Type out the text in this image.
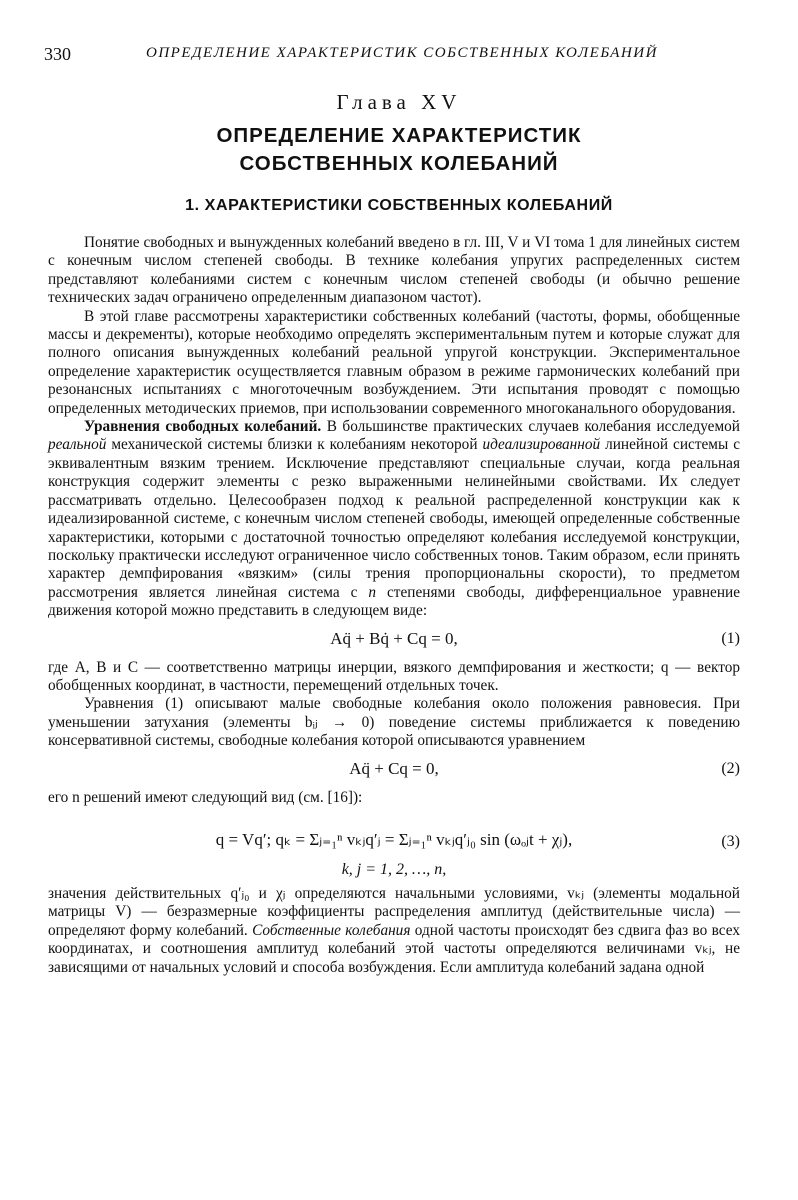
330	ОПРЕДЕЛЕНИЕ ХАРАКТЕРИСТИК СОБСТВЕННЫХ КОЛЕБАНИЙ
Глава XV
ОПРЕДЕЛЕНИЕ ХАРАКТЕРИСТИК
СОБСТВЕННЫХ КОЛЕБАНИЙ
1. ХАРАКТЕРИСТИКИ СОБСТВЕННЫХ КОЛЕБАНИЙ

Понятие свободных и вынужденных колебаний введено в гл. III, V и VI тома 1 для линейных систем с конечным числом степеней свободы. В технике колебания упругих распределенных систем представляют колебаниями систем с конечным числом степеней свободы (и обычно решение технических задач ограничено определенным диапазоном частот).

В этой главе рассмотрены характеристики собственных колебаний (частоты, формы, обобщенные массы и декременты), которые необходимо определять экспериментальным путем и которые служат для полного описания вынужденных колебаний реальной упругой конструкции. Экспериментальное определение характеристик осуществляется главным образом в режиме гармонических колебаний при резонансных испытаниях с многоточечным возбуждением. Эти испытания проводят с помощью определенных методических приемов, при использовании современного многоканального оборудования.

Уравнения свободных колебаний. В большинстве практических случаев колебания исследуемой реальной механической системы близки к колебаниям некоторой идеализированной линейной системы с эквивалентным вязким трением. Исключение представляют специальные случаи, когда реальная конструкция содержит элементы с резко выраженными нелинейными свойствами. Их следует рассматривать отдельно. Целесообразен подход к реальной распределенной конструкции как к идеализированной системе, с конечным числом степеней свободы, имеющей определенные собственные характеристики, которыми с достаточной точностью определяют колебания исследуемой конструкции, поскольку практически исследуют ограниченное число собственных тонов. Таким образом, если принять характер демпфирования «вязким» (силы трения пропорциональны скорости), то предметом рассмотрения является линейная система с n степенями свободы, дифференциальное уравнение движения которой можно представить в следующем виде:

Aq̈ + Bq̇ + Cq = 0,	(1)

где A, B и C — соответственно матрицы инерции, вязкого демпфирования и жесткости; q — вектор обобщенных координат, в частности, перемещений отдельных точек.

Уравнения (1) описывают малые свободные колебания около положения равновесия. При уменьшении затухания (элементы bᵢⱼ → 0) поведение системы приближается к поведению консервативной системы, свободные колебания которой описываются уравнением

Aq̈ + Cq = 0,	(2)

его n решений имеют следующий вид (см. [16]):

q = Vq′; qₖ = Σⱼ₌₁ⁿ vₖⱼq′ⱼ = Σⱼ₌₁ⁿ vₖⱼq′ⱼ₀ sin (ωₒⱼt + χⱼ),	(3)
k, j = 1, 2, …, n,

значения действительных q′ⱼ₀ и χⱼ определяются начальными условиями, vₖⱼ (элементы модальной матрицы V) — безразмерные коэффициенты распределения амплитуд (действительные числа) — определяют форму колебаний. Собственные колебания одной частоты происходят без сдвига фаз во всех координатах, и соотношения амплитуд колебаний этой частоты определяются величинами vₖⱼ, не зависящими от начальных условий и способа возбуждения. Если амплитуда колебаний задана одной
